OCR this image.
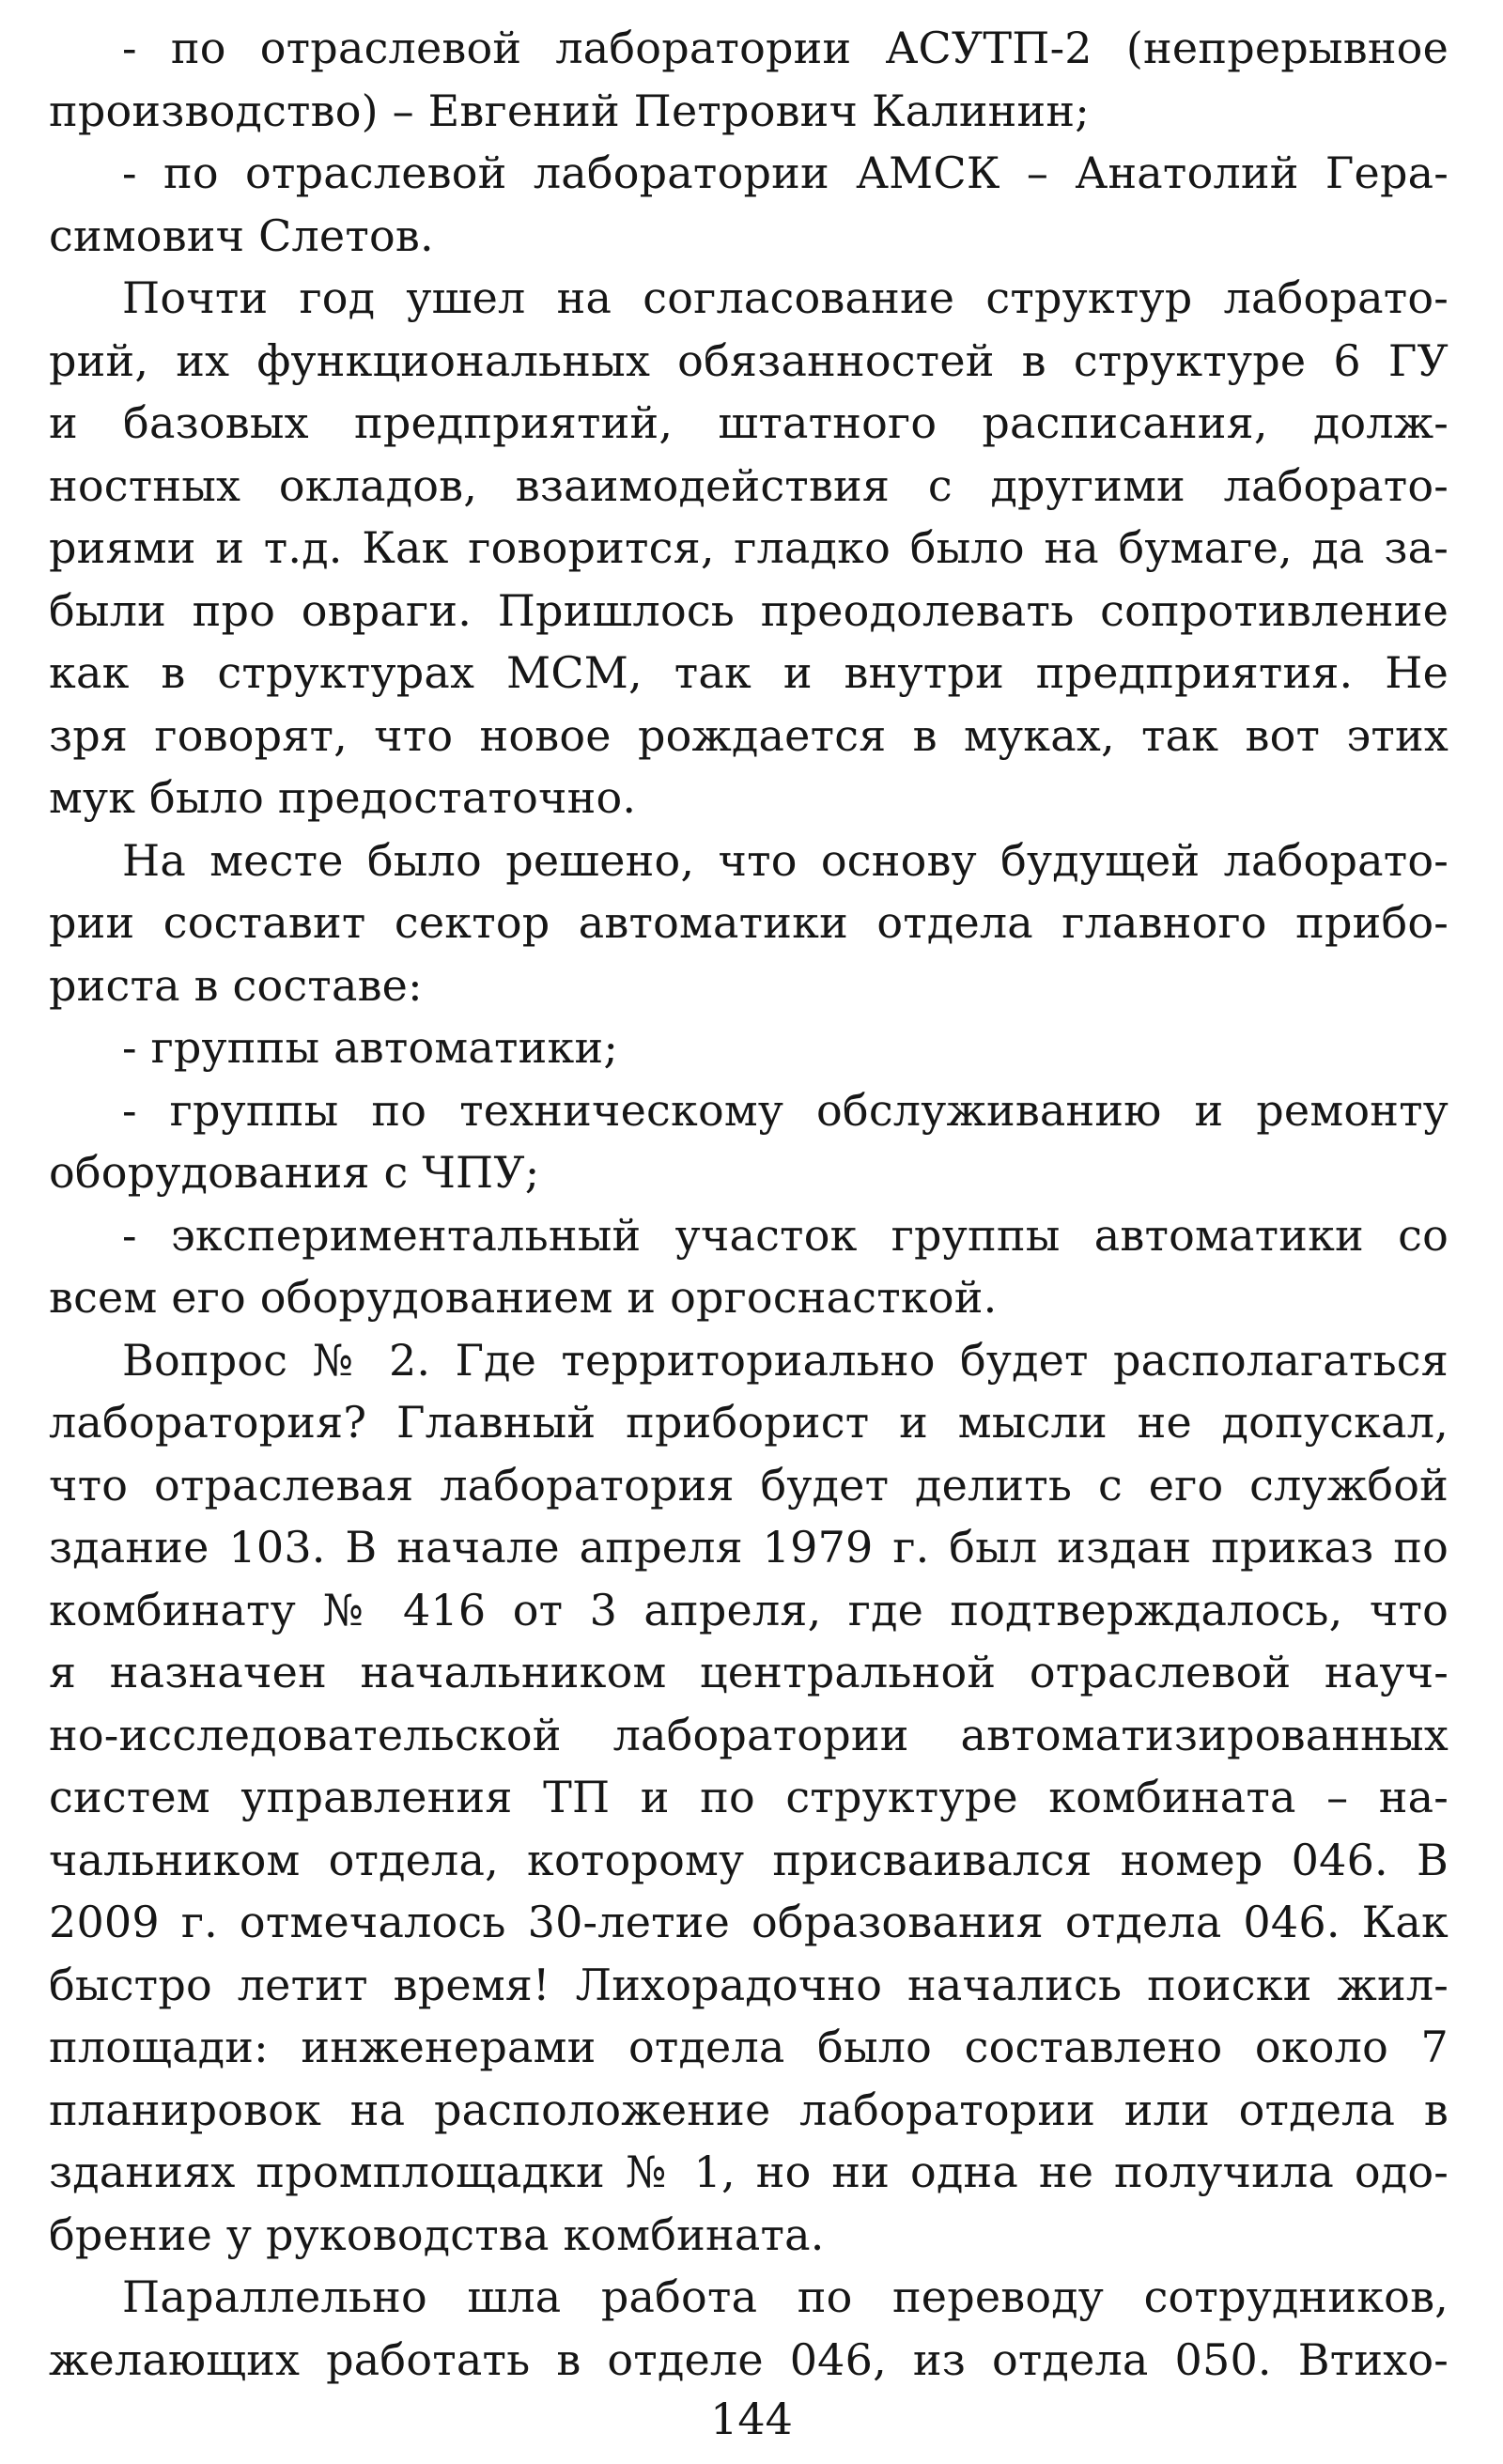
- по отраслевой лаборатории АСУТП-2 (непрерывное
производство) – Евгений Петрович Калинин;
- по отраслевой лаборатории АМСК – Анатолий Гера-
симович Слетов.
Почти год ушел на согласование структур лаборато-
рий, их функциональных обязанностей в структуре 6 ГУ
и базовых предприятий, штатного расписания, долж-
ностных окладов, взаимодействия с другими лаборато-
риями и т.д. Как говорится, гладко было на бумаге, да за-
были про овраги. Пришлось преодолевать сопротивление
как в структурах МСМ, так и внутри предприятия. Не
зря говорят, что новое рождается в муках, так вот этих
мук было предостаточно.
На месте было решено, что основу будущей лаборато-
рии составит сектор автоматики отдела главного прибо-
риста в составе:
- группы автоматики;
- группы по техническому обслуживанию и ремонту
оборудования с ЧПУ;
- экспериментальный участок группы автоматики со
всем его оборудованием и оргоснасткой.
Вопрос № 2. Где территориально будет располагаться
лаборатория? Главный приборист и мысли не допускал,
что отраслевая лаборатория будет делить с его службой
здание 103. В начале апреля 1979 г. был издан приказ по
комбинату № 416 от 3 апреля, где подтверждалось, что
я назначен начальником центральной отраслевой науч-
но-исследовательской лаборатории автоматизированных
систем управления ТП и по структуре комбината – на-
чальником отдела, которому присваивался номер 046. В
2009 г. отмечалось 30-летие образования отдела 046. Как
быстро летит время! Лихорадочно начались поиски жил-
площади: инженерами отдела было составлено около 7
планировок на расположение лаборатории или отдела в
зданиях промплощадки № 1, но ни одна не получила одо-
брение у руководства комбината.
Параллельно шла работа по переводу сотрудников,
желающих работать в отделе 046, из отдела 050. Втихо-
144
